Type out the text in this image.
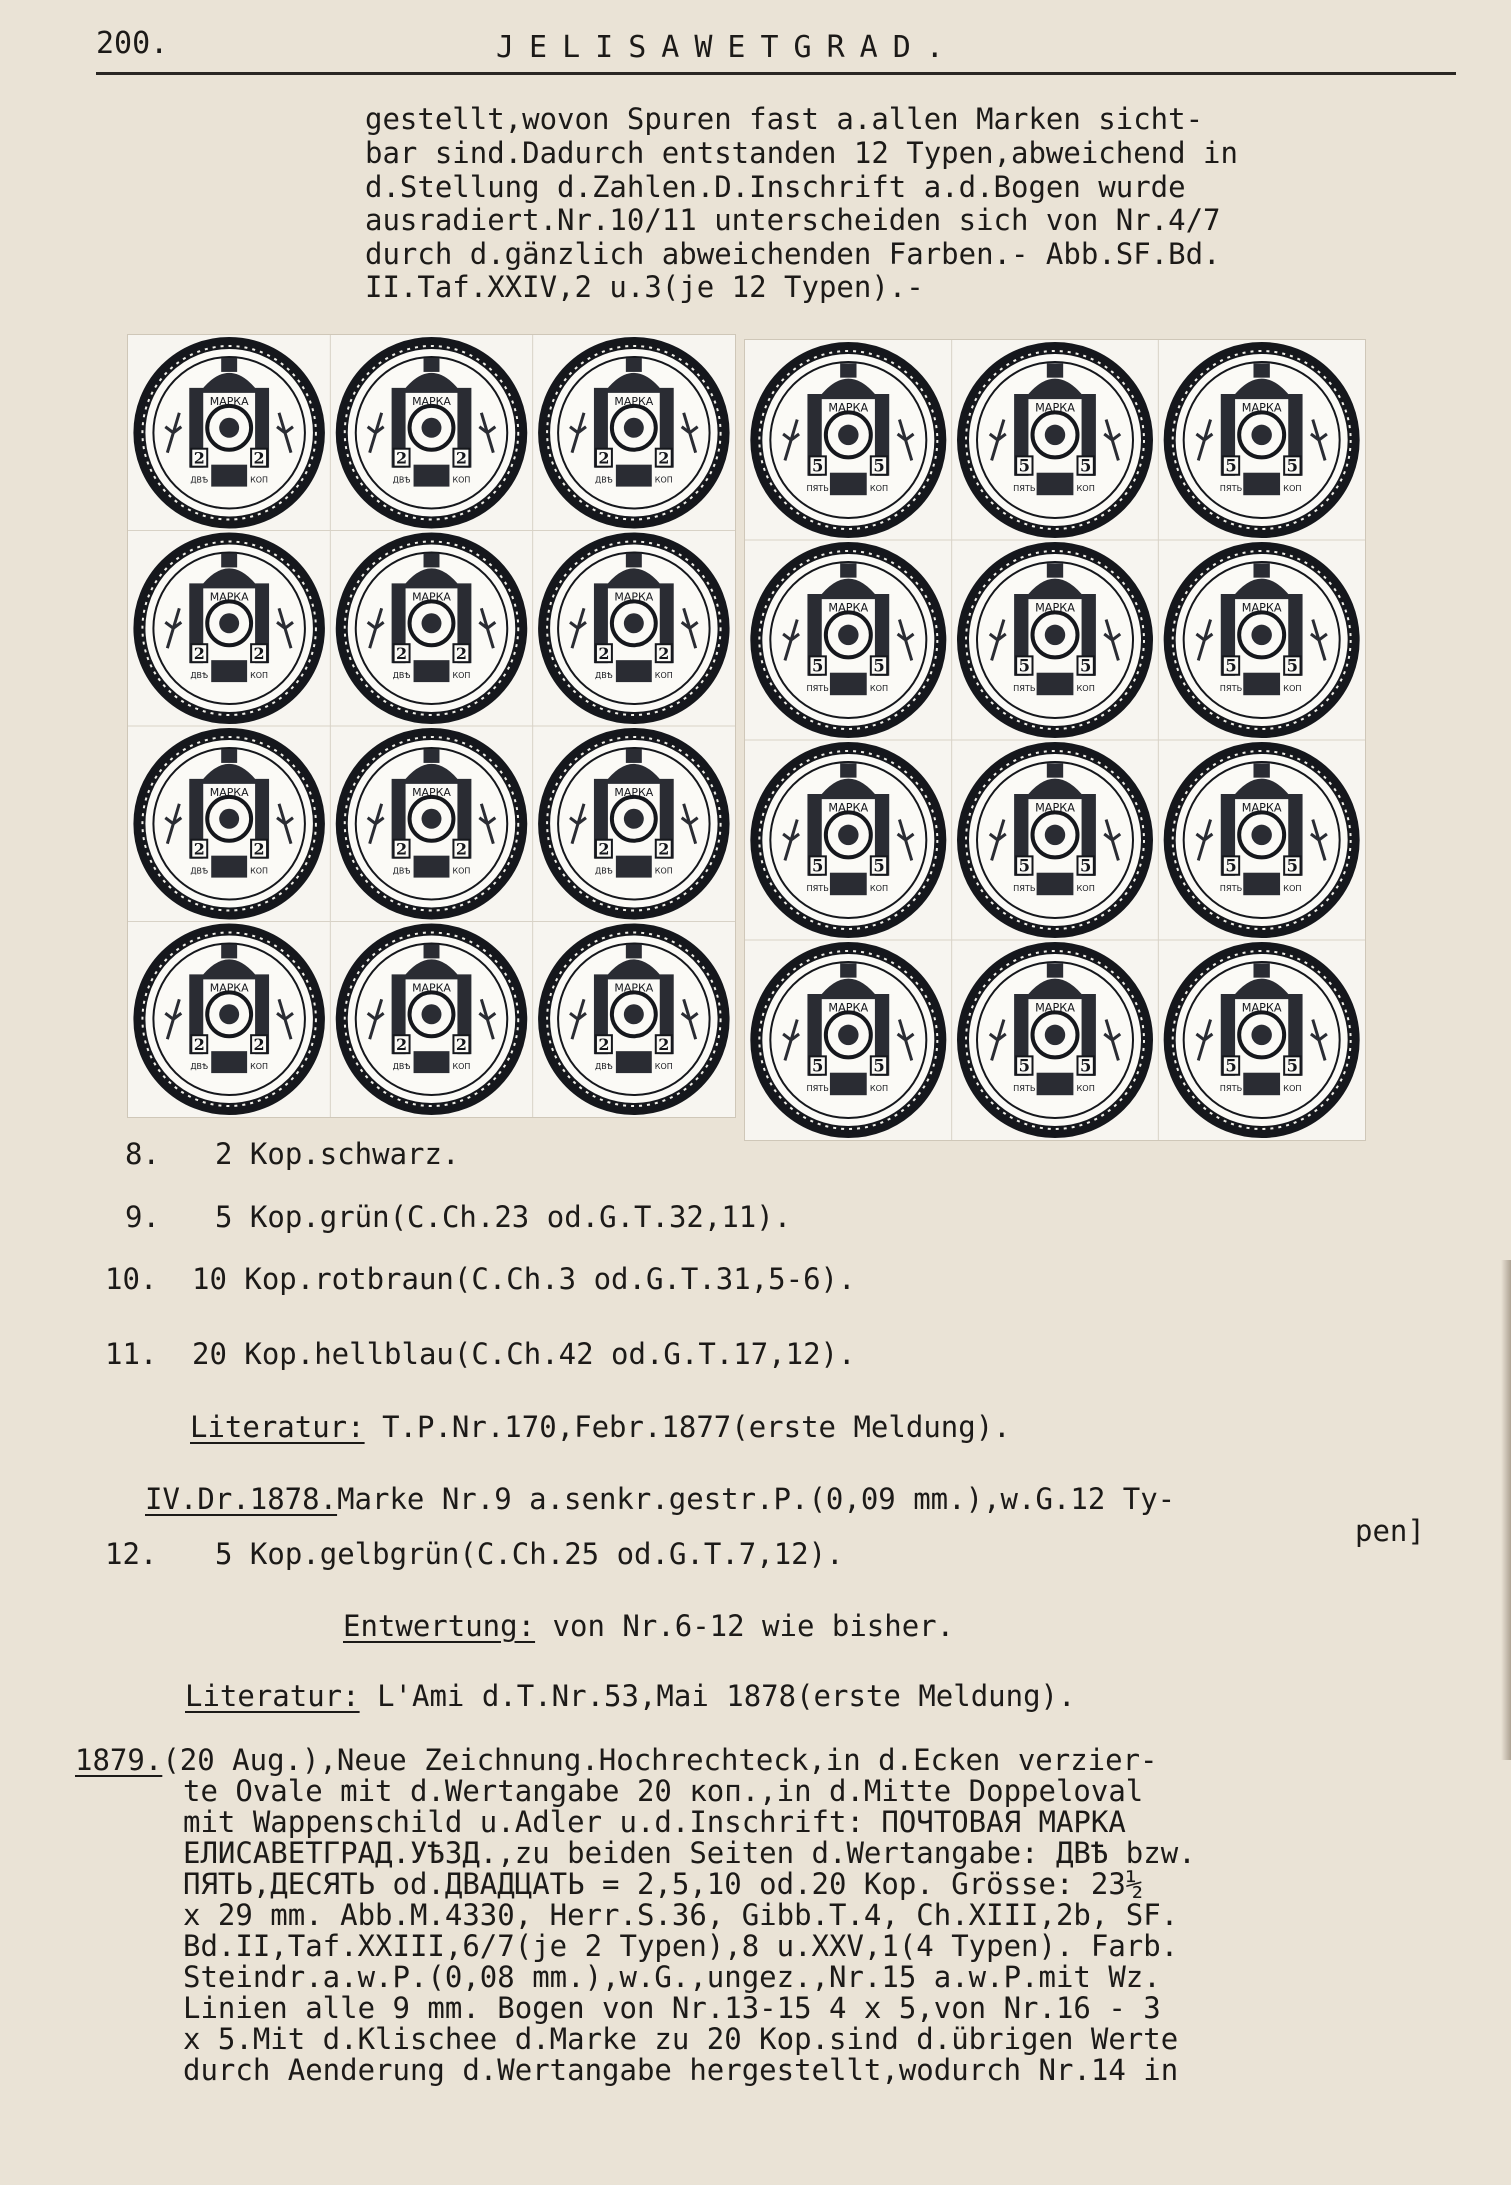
200.	JELISAWETGRAD.
gestellt,wovon Spuren fast a.allen Marken sicht-
bar sind.Dadurch entstanden 12 Typen,abweichend in
d.Stellung d.Zahlen.D.Inschrift a.d.Bogen wurde
ausradiert.Nr.10/11 unterscheiden sich von Nr.4/7
durch d.gänzlich abweichenden Farben.- Abb.SF.Bd.
II.Taf.XXIV,2 u.3(je 12 Typen).-
МАРКА
2	2
ДВѢ	КОП
МАРКА
2	2
ДВѢ	КОП
МАРКА
2	2
ДВѢ	КОП
МАРКА
2	2
ДВѢ	КОП
МАРКА
2	2
ДВѢ	КОП
МАРКА
2	2
ДВѢ	КОП
МАРКА
2	2
ДВѢ	КОП
МАРКА
2	2
ДВѢ	КОП
МАРКА
2	2
ДВѢ	КОП
МАРКА
2	2
ДВѢ	КОП
МАРКА
2	2
ДВѢ	КОП
МАРКА
2	2
ДВѢ	КОП
МАРКА
5	5
ПЯТЬ	КОП
МАРКА
5	5
ПЯТЬ	КОП
МАРКА
5	5
ПЯТЬ	КОП
МАРКА
5	5
ПЯТЬ	КОП
МАРКА
5	5
ПЯТЬ	КОП
МАРКА
5	5
ПЯТЬ	КОП
МАРКА
5	5
ПЯТЬ	КОП
МАРКА
5	5
ПЯТЬ	КОП
МАРКА
5	5
ПЯТЬ	КОП
МАРКА
5	5
ПЯТЬ	КОП
МАРКА
5	5
ПЯТЬ	КОП
МАРКА
5	5
ПЯТЬ	КОП
8. 2 Kop.schwarz.
9. 5 Kop.grün(C.Ch.23 od.G.T.32,11).
10. 10 Kop.rotbraun(C.Ch.3 od.G.T.31,5-6).
11. 20 Kop.hellblau(C.Ch.42 od.G.T.17,12).
Literatur: T.P.Nr.170,Febr.1877(erste Meldung).
IV.Dr.1878.Marke Nr.9 a.senkr.gestr.P.(0,09 mm.),w.G.12 Ty-
pen]
12. 5 Kop.gelbgrün(C.Ch.25 od.G.T.7,12).
Entwertung: von Nr.6-12 wie bisher.
Literatur: L'Ami d.T.Nr.53,Mai 1878(erste Meldung).
1879.(20 Aug.),Neue Zeichnung.Hochrechteck,in d.Ecken verzier-
te Ovale mit d.Wertangabe 20 коп.,in d.Mitte Doppeloval
mit Wappenschild u.Adler u.d.Inschrift: ПОЧТОВАЯ МАРКА
ЕЛИСАВЕТГРАД.УѢЗД.,zu beiden Seiten d.Wertangabe: ДВѢ bzw.
ПЯТЬ,ДЕСЯТЬ od.ДВАДЦАТЬ = 2,5,10 od.20 Kop. Grösse: 23½
x 29 mm. Abb.M.4330, Herr.S.36, Gibb.T.4, Ch.XIII,2b, SF.
Bd.II,Taf.XXIII,6/7(je 2 Typen),8 u.XXV,1(4 Typen). Farb.
Steindr.a.w.P.(0,08 mm.),w.G.,ungez.,Nr.15 a.w.P.mit Wz.
Linien alle 9 mm. Bogen von Nr.13-15 4 x 5,von Nr.16 - 3
x 5.Mit d.Klischee d.Marke zu 20 Kop.sind d.übrigen Werte
durch Aenderung d.Wertangabe hergestellt,wodurch Nr.14 in
